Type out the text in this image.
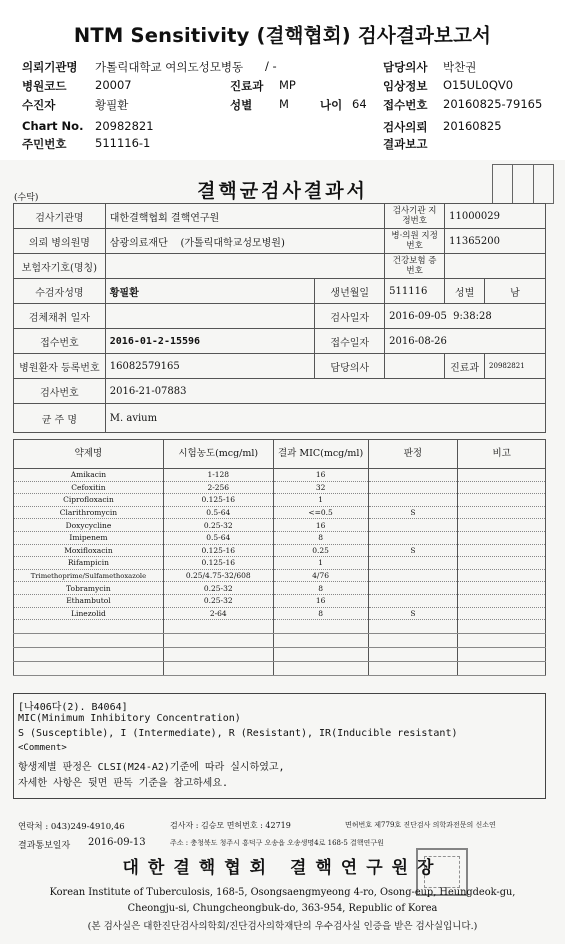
NTM Sensitivity (결핵협회) 검사결과보고서
의뢰기관명 가톨릭대학교 여의도성모병동 / -
병원코드 20007	진료과 MP
수진자	황필환	성별 M	나이 64
Chart No. 20982821
주민번호 511116-1
담당의사 박찬권
임상정보 O15UL0QV0
접수번호 20160825-79165
검사의뢰 20160825
결과보고
(수탁)	결핵균검사결과서
검사기관명	대한결핵협회 결핵연구원		검사기관 지정번호	11000029	
의뢰 병의원명	삼광의료재단 (가톨릭대학교성모병원)		병·의원 지정번호	11365200	
보험자기호(명칭)			건강보험 증번호		
수검자성명	황필환	생년월일	511116	성별	남
검체채취 일자		검사일자	2016-09-05 9:38:28		
접수번호	2016-01-2-15596	접수일자	2016-08-26		
병원환자 등록번호	16082579165	담당의사		진료과	20982821
검사번호	2016-21-07883				
균 주 명	M. avium				
약제명	시험농도(mcg/ml)	결과 MIC(mcg/ml)	판정	비고
Amikacin	1-128	16		
Cefoxitin	2-256	32		
Ciprofloxacin	0.125-16	1		
Clarithromycin	0.5-64	<=0.5	S	
Doxycycline	0.25-32	16		
Imipenem	0.5-64	8		
Moxifloxacin	0.125-16	0.25	S	
Rifampicin	0.125-16	1		
Trimethoprime/Sulfamethoxazole	0.25/4.75-32/608	4/76		
Tobramycin	0.25-32	8		
Ethambutol	0.25-32	16		
Linezolid	2-64	8	S	

[나406다(2). B4064]
MIC(Minimum Inhibitory Concentration)
S (Susceptible), I (Intermediate), R (Resistant), IR(Inducible resistant)
<Comment>
항생제별 판정은 CLSI(M24-A2)기준에 따라 실시하였고,
자세한 사항은 뒷면 판독 기준을 참고하세요.
연락처 : 043)249-4910,46	검사자 : 김승모 면허번호 : 42719	면허번호 제779호 진단검사 의학과전문의 신소연
결과통보일자 2016-09-13	주소 : 충청북도 청주시 흥덕구 오송읍 오송생명4로 168-5 결핵연구원
대한결핵협회 결핵연구원장
Korean Institute of Tuberculosis, 168-5, Osongsaengmyeong 4-ro, Osong-eup, Heungdeok-gu,
Cheongju-si, Chungcheongbuk-do, 363-954, Republic of Korea
(본 검사실은 대한진단검사의학회/진단검사의학재단의 우수검사실 인증을 받은 검사실입니다.)
